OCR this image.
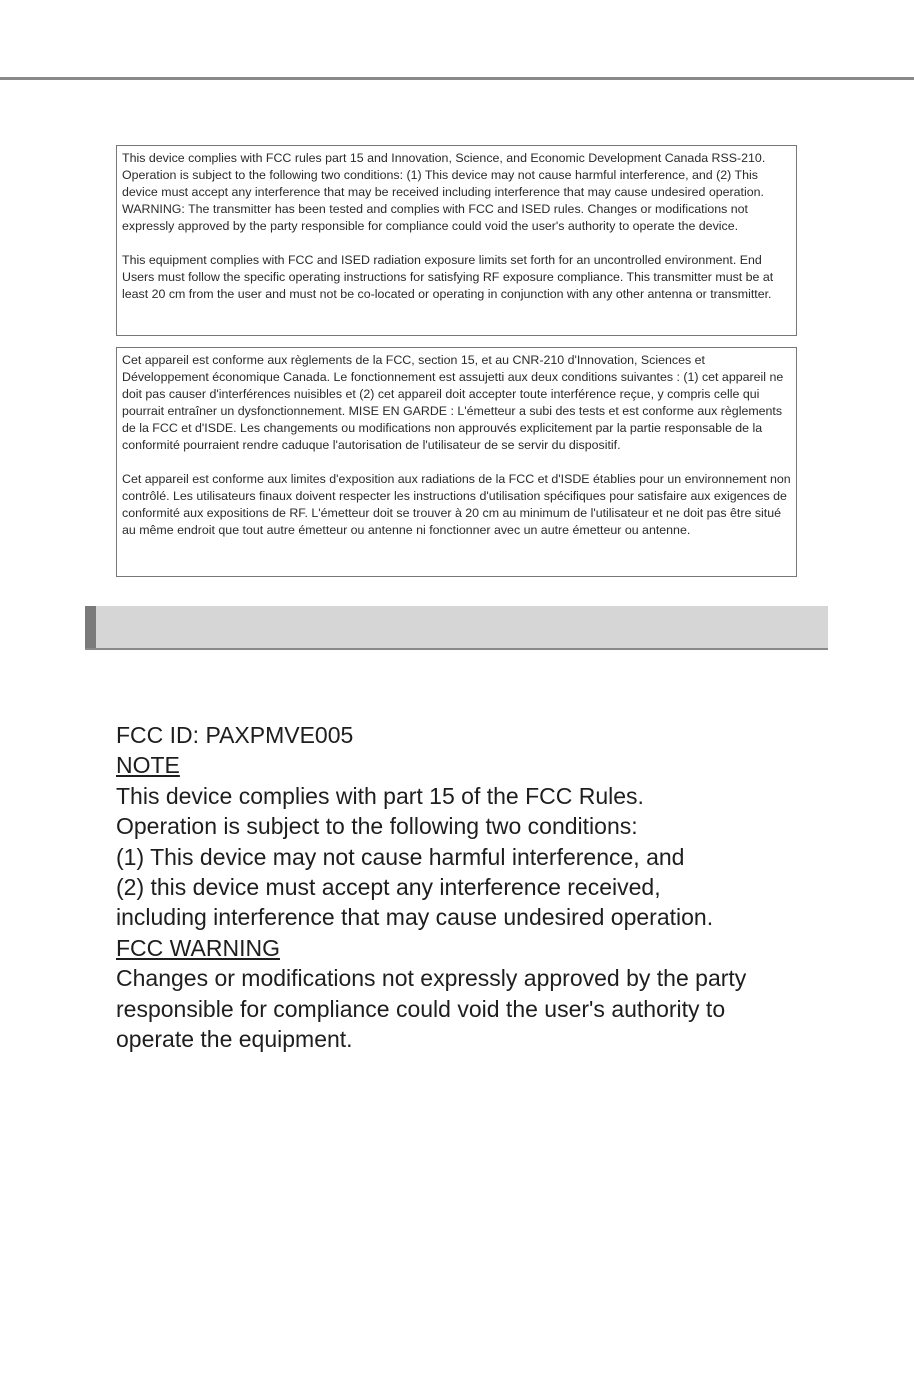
This device complies with FCC rules part 15 and Innovation, Science, and Economic Development Canada RSS-210. Operation is subject to the following two conditions: (1) This device may not cause harmful interference, and (2) This device must accept any interference that may be received including interference that may cause undesired operation. WARNING: The transmitter has been tested and complies with FCC and ISED rules. Changes or modifications not expressly approved by the party responsible for compliance could void the user's authority to operate the device.

This equipment complies with FCC and ISED radiation exposure limits set forth for an uncontrolled environment. End Users must follow the specific operating instructions for satisfying RF exposure compliance. This transmitter must be at least 20 cm from the user and must not be co-located or operating in conjunction with any other antenna or transmitter.

Cet appareil est conforme aux règlements de la FCC, section 15, et au CNR-210 d'Innovation, Sciences et Développement économique Canada. Le fonctionnement est assujetti aux deux conditions suivantes : (1) cet appareil ne doit pas causer d'interférences nuisibles et (2) cet appareil doit accepter toute interférence reçue, y compris celle qui pourrait entraîner un dysfonctionnement. MISE EN GARDE : L'émetteur a subi des tests et est conforme aux règlements de la FCC et d'ISDE. Les changements ou modifications non approuvés explicitement par la partie responsable de la conformité pourraient rendre caduque l'autorisation de l'utilisateur de se servir du dispositif.

Cet appareil est conforme aux limites d'exposition aux radiations de la FCC et d'ISDE établies pour un environnement non contrôlé. Les utilisateurs finaux doivent respecter les instructions d'utilisation spécifiques pour satisfaire aux exigences de conformité aux expositions de RF. L'émetteur doit se trouver à 20 cm au minimum de l'utilisateur et ne doit pas être situé au même endroit que tout autre émetteur ou antenne ni fonctionner avec un autre émetteur ou antenne.

FCC ID: PAXPMVE005
NOTE
This device complies with part 15 of the FCC Rules.
Operation is subject to the following two conditions:
(1) This device may not cause harmful interference, and
(2) this device must accept any interference received,
including interference that may cause undesired operation.
FCC WARNING
Changes or modifications not expressly approved by the party
responsible for compliance could void the user's authority to
operate the equipment.
